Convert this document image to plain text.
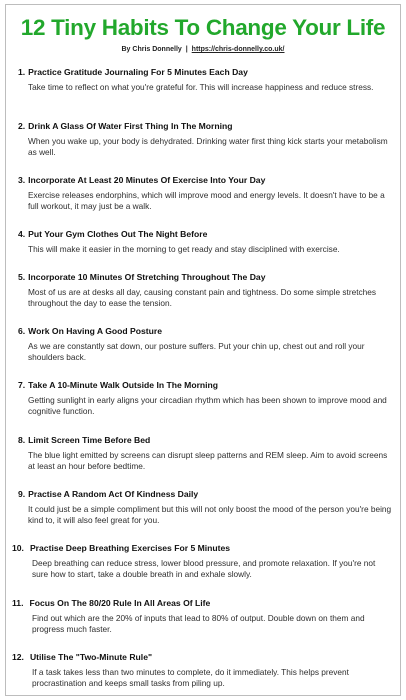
12 Tiny Habits To Change Your Life
By Chris Donnelly | https://chris-donnelly.co.uk/
1. Practice Gratitude Journaling For 5 Minutes Each Day
Take time to reflect on what you're grateful for. This will increase happiness and reduce stress.
2. Drink A Glass Of Water First Thing In The Morning
When you wake up, your body is dehydrated. Drinking water first thing kick starts your metabolism as well.
3. Incorporate At Least 20 Minutes Of Exercise Into Your Day
Exercise releases endorphins, which will improve mood and energy levels. It doesn't have to be a full workout, it may just be a walk.
4. Put Your Gym Clothes Out The Night Before
This will make it easier in the morning to get ready and stay disciplined with exercise.
5. Incorporate 10 Minutes Of Stretching Throughout The Day
Most of us are at desks all day, causing constant pain and tightness. Do some simple stretches throughout the day to ease the tension.
6. Work On Having A Good Posture
As we are constantly sat down, our posture suffers. Put your chin up, chest out and roll your shoulders back.
7. Take A 10-Minute Walk Outside In The Morning
Getting sunlight in early aligns your circadian rhythm which has been shown to improve mood and cognitive function.
8. Limit Screen Time Before Bed
The blue light emitted by screens can disrupt sleep patterns and REM sleep. Aim to avoid screens at least an hour before bedtime.
9. Practise A Random Act Of Kindness Daily
It could just be a simple compliment but this will not only boost the mood of the person you're being kind to, it will also feel great for you.
10. Practise Deep Breathing Exercises For 5 Minutes
Deep breathing can reduce stress, lower blood pressure, and promote relaxation. If you're not sure how to start, take a double breath in and exhale slowly.
11. Focus On The 80/20 Rule In All Areas Of Life
Find out which are the 20% of inputs that lead to 80% of output. Double down on them and progress much faster.
12. Utilise The "Two-Minute Rule"
If a task takes less than two minutes to complete, do it immediately. This helps prevent procrastination and keeps small tasks from piling up.
